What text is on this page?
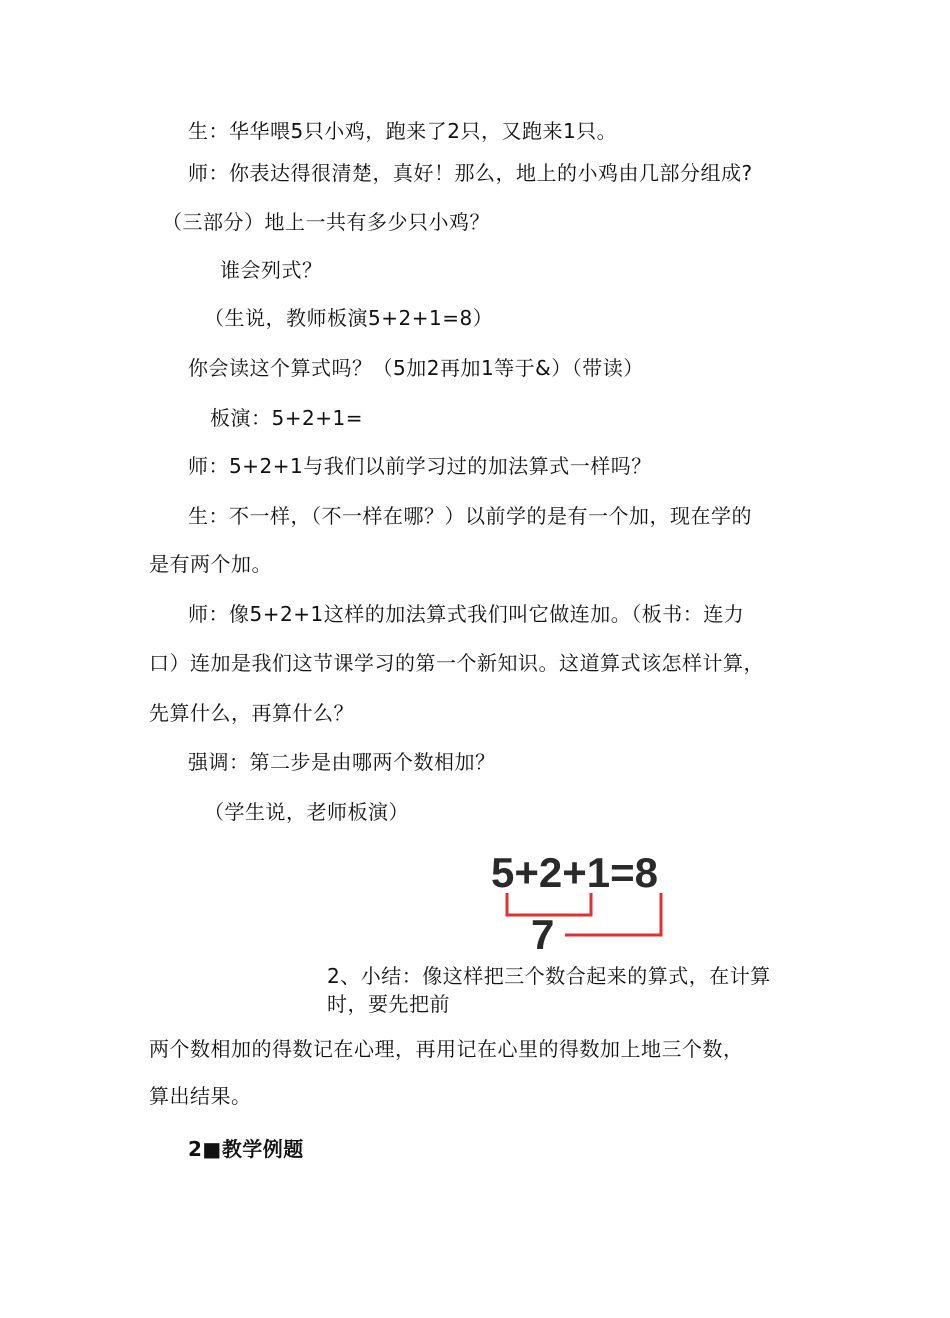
生：华华喂5只小鸡，跑来了2只，又跑来1只。
师：你表达得很清楚，真好！那么，地上的小鸡由几部分组成?
（三部分）地上一共有多少只小鸡？
谁会列式？
（生说，教师板演5+2+1=8）
你会读这个算式吗？（5加2再加1等于&）（带读）
板演：5+2+1=
师：5+2+1与我们以前学习过的加法算式一样吗？
生：不一样，（不一样在哪？）以前学的是有一个加，现在学的
是有两个加。
师：像5+2+1这样的加法算式我们叫它做连加。（板书：连力
口）连加是我们这节课学习的第一个新知识。这道算式该怎样计算，
先算什么，再算什么？
强调：第二步是由哪两个数相加？
（学生说，老师板演）
5+2+1=8
7
2、小结：像这样把三个数合起来的算式，在计算
时，要先把前
两个数相加的得数记在心理，再用记在心里的得数加上地三个数，
算出结果。
2■教学例题
